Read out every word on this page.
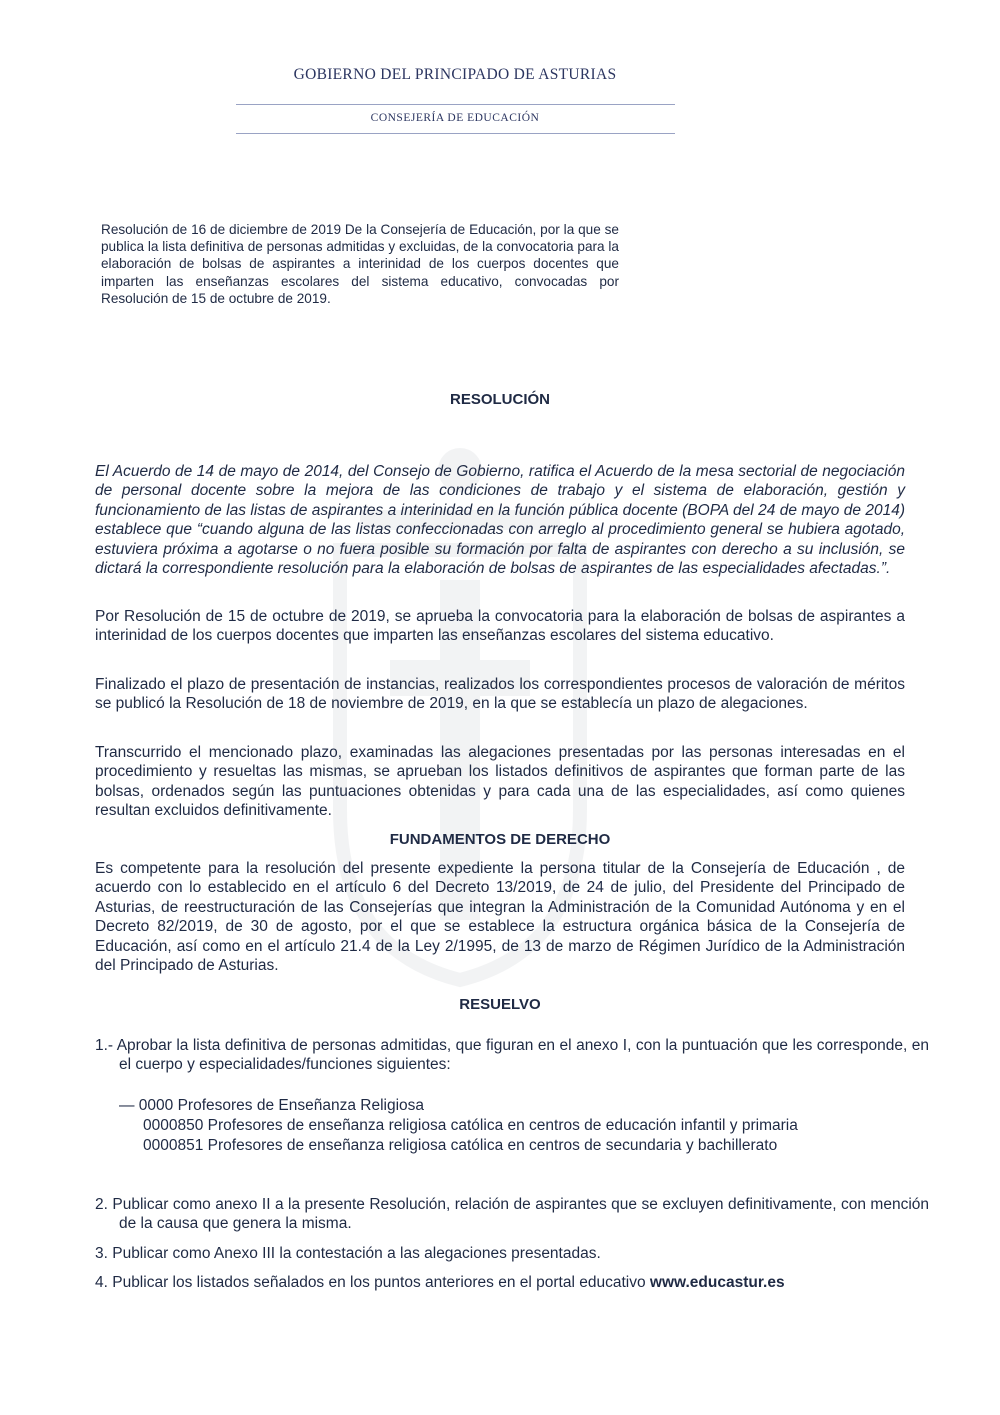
GOBIERNO DEL PRINCIPADO DE ASTURIAS
CONSEJERÍA DE EDUCACIÓN
Resolución de 16 de diciembre de 2019 De la Consejería de Educación, por la que se publica la lista definitiva de personas admitidas y excluidas, de la convocatoria para la elaboración de bolsas de aspirantes a interinidad de los cuerpos docentes que imparten las enseñanzas escolares del sistema educativo, convocadas por Resolución de 15 de octubre de 2019.
RESOLUCIÓN

El Acuerdo de 14 de mayo de 2014, del Consejo de Gobierno, ratifica el Acuerdo de la mesa sectorial de negociación de personal docente sobre la mejora de las condiciones de trabajo y el sistema de elaboración, gestión y funcionamiento de las listas de aspirantes a interinidad en la función pública docente (BOPA del 24 de mayo de 2014) establece que “cuando alguna de las listas confeccionadas con arreglo al procedimiento general se hubiera agotado, estuviera próxima a agotarse o no fuera posible su formación por falta de aspirantes con derecho a su inclusión, se dictará la correspondiente resolución para la elaboración de bolsas de aspirantes de las especialidades afectadas.”.

Por Resolución de 15 de octubre de 2019, se aprueba la convocatoria para la elaboración de bolsas de aspirantes a interinidad de los cuerpos docentes que imparten las enseñanzas escolares del sistema educativo.

Finalizado el plazo de presentación de instancias, realizados los correspondientes procesos de valoración de méritos se publicó la Resolución de 18 de noviembre de 2019, en la que se establecía un plazo de alegaciones.

Transcurrido el mencionado plazo, examinadas las alegaciones presentadas por las personas interesadas en el procedimiento y resueltas las mismas, se aprueban los listados definitivos de aspirantes que forman parte de las bolsas, ordenados según las puntuaciones obtenidas y para cada una de las especialidades, así como quienes resultan excluidos definitivamente.

FUNDAMENTOS DE DERECHO

Es competente para la resolución del presente expediente la persona titular de la Consejería de Educación , de acuerdo con lo establecido en el artículo 6 del Decreto 13/2019, de 24 de julio, del Presidente del Principado de Asturias, de reestructuración de las Consejerías que integran la Administración de la Comunidad Autónoma y en el Decreto 82/2019, de 30 de agosto, por el que se establece la estructura orgánica básica de la Consejería de Educación, así como en el artículo 21.4 de la Ley 2/1995, de 13 de marzo de Régimen Jurídico de la Administración del Principado de Asturias.

RESUELVO

1.- Aprobar la lista definitiva de personas admitidas, que figuran en el anexo I, con la puntuación que les corresponde, en el cuerpo y especialidades/funciones siguientes:

— 0000 Profesores de Enseñanza Religiosa
0000850 Profesores de enseñanza religiosa católica en centros de educación infantil y primaria
0000851 Profesores de enseñanza religiosa católica en centros de secundaria y bachillerato

2. Publicar como anexo II a la presente Resolución, relación de aspirantes que se excluyen definitivamente, con mención de la causa que genera la misma.

3. Publicar como Anexo III la contestación a las alegaciones presentadas.

4. Publicar los listados señalados en los puntos anteriores en el portal educativo www.educastur.es
